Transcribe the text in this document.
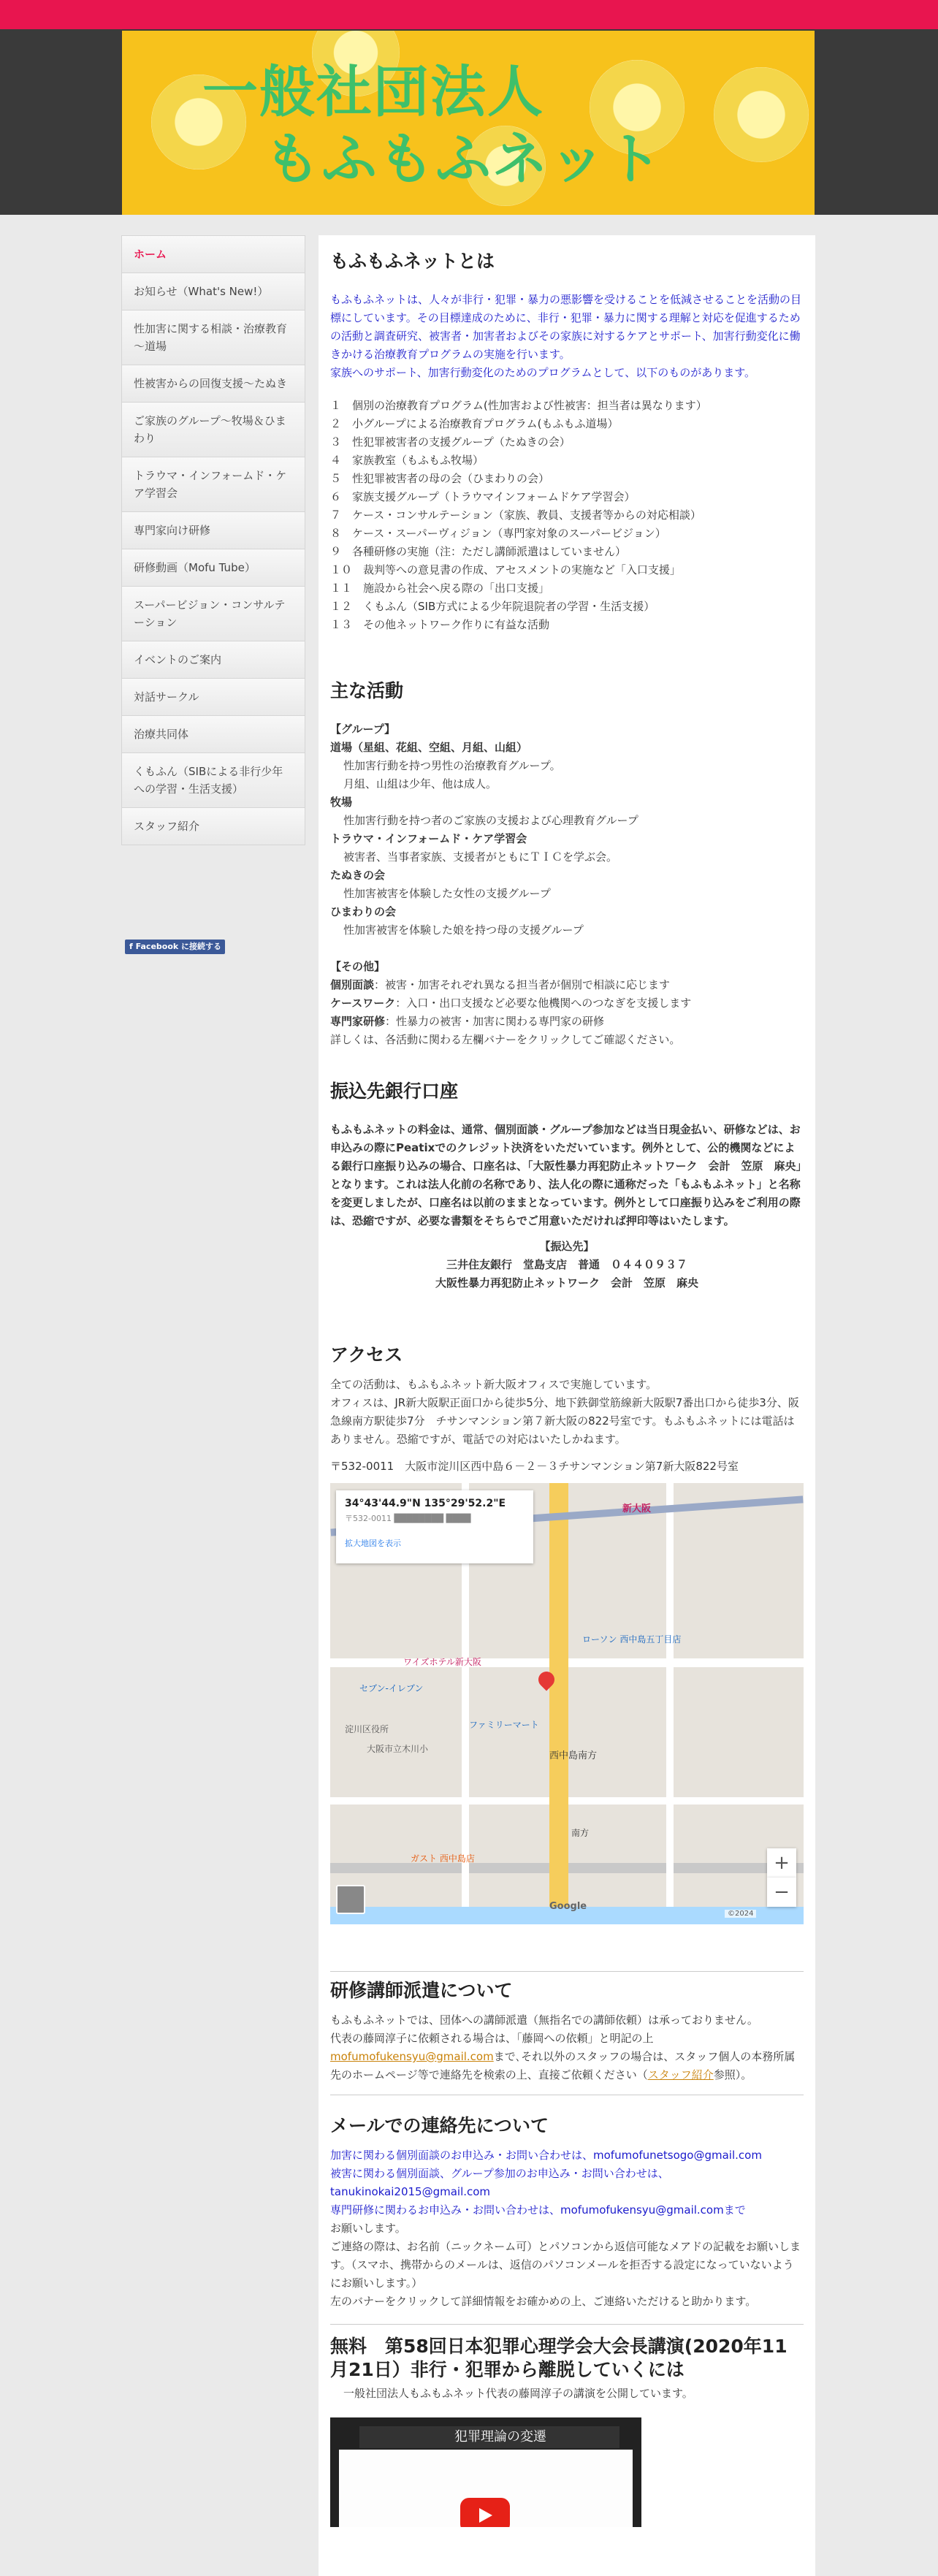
一般社団法人
もふもふネット
ホーム
お知らせ（What's New!）
性加害に関する相談・治療教育～道場
性被害からの回復支援～たぬき
ご家族のグループ～牧場＆ひまわり
トラウマ・インフォームド・ケア学習会
専門家向け研修
研修動画（Mofu Tube）
スーパービジョン・コンサルテーション
イベントのご案内
対話サークル
治療共同体
くもふん（SIBによる非行少年への学習・生活支援）
スタッフ紹介
f Facebook に接続する
もふもふネットとは

もふもふネットは、人々が非行・犯罪・暴力の悪影響を受けることを低減させることを活動の目標にしています。その目標達成のために、非行・犯罪・暴力に関する理解と対応を促進するための活動と調査研究、被害者・加害者およびその家族に対するケアとサポート、加害行動変化に働きかける治療教育プログラムの実施を行います。

家族へのサポート、加害行動変化のためのプログラムとして、以下のものがあります。

１　個別の治療教育プログラム(性加害および性被害：担当者は異なります）
２　小グループによる治療教育プログラム(もふもふ道場）
３　性犯罪被害者の支援グループ（たぬきの会）
４　家族教室（もふもふ牧場）
５　性犯罪被害者の母の会（ひまわりの会）
６　家族支援グループ（トラウマインフォームドケア学習会）
７　ケース・コンサルテーション（家族、教員、支援者等からの対応相談）
８　ケース・スーパーヴィジョン（専門家対象のスーパービジョン）
９　各種研修の実施（注：ただし講師派遣はしていません）
１０　裁判等への意見書の作成、アセスメントの実施など「入口支援」
１１　施設から社会へ戻る際の「出口支援」
１２　くもふん（SIB方式による少年院退院者の学習・生活支援）
１３　その他ネットワーク作りに有益な活動
主な活動
【グループ】
道場（星組、花組、空組、月組、山組）
性加害行動を持つ男性の治療教育グループ。
月組、山組は少年、他は成人。
牧場
性加害行動を持つ者のご家族の支援および心理教育グループ
トラウマ・インフォームド・ケア学習会
被害者、当事者家族、支援者がともにＴＩＣを学ぶ会。
たぬきの会
性加害被害を体験した女性の支援グループ
ひまわりの会
性加害被害を体験した娘を持つ母の支援グループ
【その他】
個別面談：被害・加害それぞれ異なる担当者が個別で相談に応じます
ケースワーク：入口・出口支援など必要な他機関へのつなぎを支援します
専門家研修：性暴力の被害・加害に関わる専門家の研修
詳しくは、各活動に関わる左欄バナーをクリックしてご確認ください。
振込先銀行口座

もふもふネットの料金は、通常、個別面談・グループ参加などは当日現金払い、研修などは、お申込みの際にPeatixでのクレジット決済をいただいています。例外として、公的機関などによる銀行口座振り込みの場合、口座名は、「大阪性暴力再犯防止ネットワーク　会計　笠原　麻央」となります。これは法人化前の名称であり、法人化の際に通称だった「もふもふネット」と名称を変更しましたが、口座名は以前のままとなっています。例外として口座振り込みをご利用の際は、恐縮ですが、必要な書類をそちらでご用意いただければ押印等はいたします。

【振込先】
三井住友銀行　堂島支店　普通　０４４０９３７
大阪性暴力再犯防止ネットワーク　会計　笠原　麻央
アクセス

全ての活動は、もふもふネット新大阪オフィスで実施しています。

オフィスは、JR新大阪駅正面口から徒歩5分、地下鉄御堂筋線新大阪駅7番出口から徒歩3分、阪急線南方駅徒歩7分　チサンマンション第７新大阪の822号室です。もふもふネットには電話はありません。恐縮ですが、電話での対応はいたしかねます。

〒532-0011　大阪市淀川区西中島６－２－３チサンマンション第7新大阪822号室

34°43'44.9"N 135°29'52.2"E
〒532-0011 ████████ ████
拡大地図を表示
新大阪
西中島南方
淀川区役所
ローソン 西中島五丁目店
ワイズホテル新大阪
セブン-イレブン
大阪市立木川小
ファミリーマート
南方
ガスト 西中島店	+
−
Google
©2024
研修講師派遣について

もふもふネットでは、団体への講師派遣（無指名での講師依頼）は承っておりません。

代表の藤岡淳子に依頼される場合は、「藤岡への依頼」と明記の上
mofumofukensyu@gmail.comまで､それ以外のスタッフの場合は、スタッフ個人の本務所属先のホームページ等で連絡先を検索の上、直接ご依頼ください（スタッフ紹介参照）。

メールでの連絡先について
加害に関わる個別面談のお申込み・お問い合わせは、mofumofunetsogo@gmail.com
被害に関わる個別面談、グループ参加のお申込み・お問い合わせは、
tanukinokai2015@gmail.com
専門研修に関わるお申込み・お問い合わせは、mofumofukensyu@gmail.comまで
お願いします。

ご連絡の際は、お名前（ニックネーム可）とパソコンから返信可能なメアドの記載をお願いします。（スマホ、携帯からのメールは、返信のパソコンメールを拒否する設定になっていないようにお願いします。）

左のバナーをクリックして詳細情報をお確かめの上、ご連絡いただけると助かります。
無料　第58回日本犯罪心理学会大会長講演(2020年11月21日）非行・犯罪から離脱していくには
一般社団法人もふもふネット代表の藤岡淳子の講演を公開しています。
犯罪理論の変遷
